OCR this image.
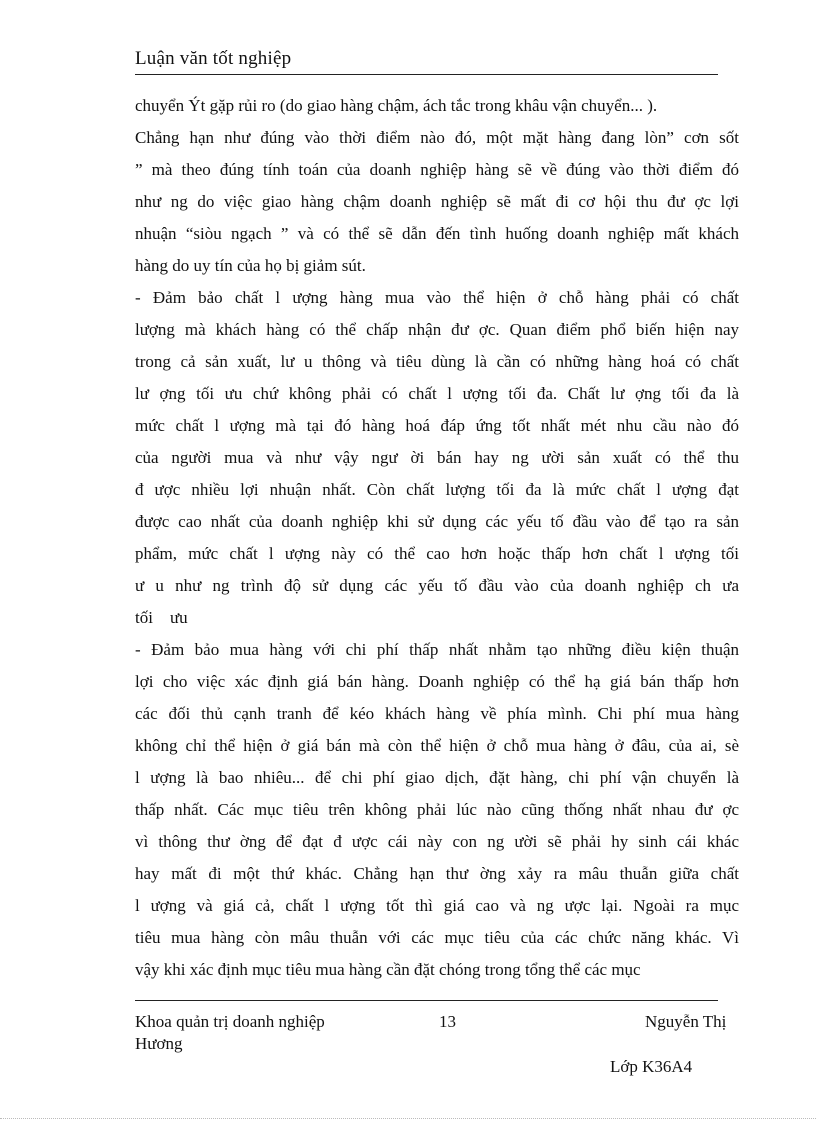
Luận văn tốt nghiệp
chuyển Ýt gặp rủi ro (do giao hàng chậm, ách tắc trong khâu vận chuyển... ).
Chẳng hạn như đúng vào thời điểm nào đó, một mặt hàng đang lòn” cơn sốt
” mà theo đúng tính toán của doanh nghiệp hàng sẽ về đúng vào thời điểm đó
như ng do việc giao hàng chậm doanh nghiệp sẽ mất đi cơ hội thu đư ợc lợi
nhuận “siòu ngạch ” và có thể sẽ dẫn đến tình huống doanh nghiệp mất khách
hàng do uy tín của họ bị giảm sút.
- Đảm bảo chất l ượng hàng mua vào thể hiện ở chỗ hàng phải có chất
lượng mà khách hàng có thể chấp nhận đư ợc. Quan điểm phổ biến hiện nay
trong cả sản xuất, lư u thông và tiêu dùng là cần có những hàng hoá có chất
lư ợng tối ưu chứ không phải có chất l ượng tối đa. Chất lư ợng tối đa là
mức chất l ượng mà tại đó hàng hoá đáp ứng tốt nhất mét nhu cầu nào đó
của người mua và như vậy ngư ời bán hay ng ười sản xuất có thể thu
đ ược nhiều lợi nhuận nhất. Còn chất lượng tối đa là mức chất l ượng đạt
được cao nhất của doanh nghiệp khi sử dụng các yếu tố đầu vào để tạo ra sản
phẩm, mức chất l ượng này có thể cao hơn hoặc thấp hơn chất l ượng tối
ư u như ng trình độ sử dụng các yếu tố đầu vào của doanh nghiệp ch ưa
tối    ưu
- Đảm bảo mua hàng với chi phí thấp nhất nhằm tạo những điều kiện thuận
lợi cho việc xác định giá bán hàng. Doanh nghiệp có thể hạ giá bán thấp hơn
các đối thủ cạnh tranh để kéo khách hàng về phía mình. Chi phí mua hàng
không chỉ thể hiện ở giá bán mà còn thể hiện ở chỗ mua hàng ở đâu, của ai, sè
l ượng là bao nhiêu... để chi phí giao dịch, đặt hàng, chi phí vận chuyển là
thấp nhất. Các mục tiêu trên không phải lúc nào cũng thống nhất nhau đư ợc
vì thông thư ờng để đạt đ ược cái này con ng ười sẽ phải hy sinh cái khác
hay mất đi một thứ khác. Chẳng hạn thư ờng xảy ra mâu thuẫn giữa chất
l ượng và giá cả, chất l ượng tốt thì giá cao và ng ược lại. Ngoài ra mục
tiêu mua hàng còn mâu thuẫn với các mục tiêu của các chức năng khác. Vì
vậy khi xác định mục tiêu mua hàng cần đặt chóng trong tổng thể các mục
Khoa quản trị doanh nghiệp	13	Nguyễn Thị
Hương
Lớp K36A4
